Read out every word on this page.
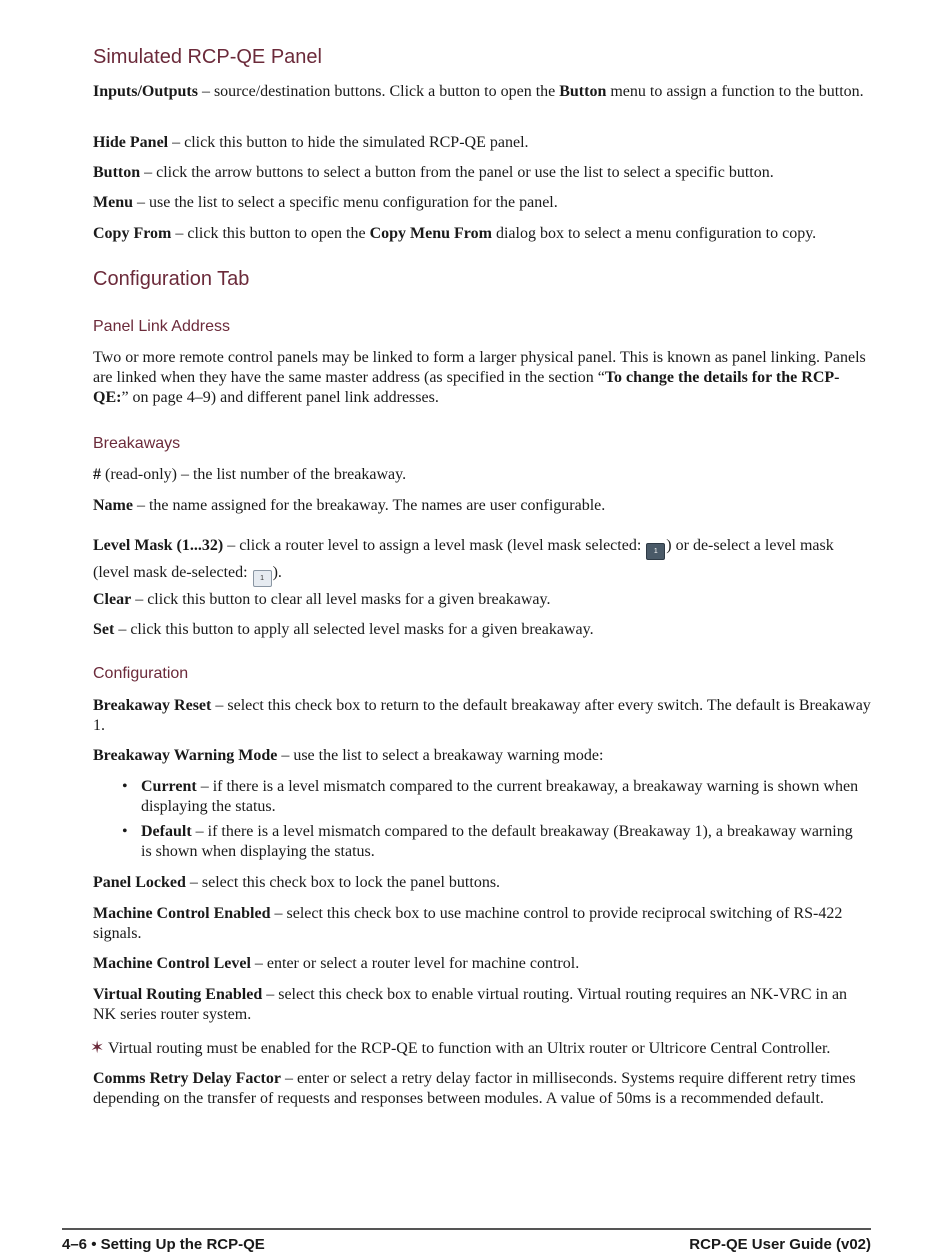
Simulated RCP-QE Panel

Inputs/Outputs – source/destination buttons. Click a button to open the Button menu to assign a function to the button.

Hide Panel – click this button to hide the simulated RCP-QE panel.

Button – click the arrow buttons to select a button from the panel or use the list to select a specific button.

Menu – use the list to select a specific menu configuration for the panel.

Copy From – click this button to open the Copy Menu From dialog box to select a menu configuration to copy.

Configuration Tab
Panel Link Address

Two or more remote control panels may be linked to form a larger physical panel. This is known as panel linking. Panels are linked when they have the same master address (as specified in the section “To change the details for the RCP-QE:” on page 4–9) and different panel link addresses.

Breakaways

# (read-only) – the list number of the breakaway.

Name – the name assigned for the breakaway. The names are user configurable.

Level Mask (1...32) – click a router level to assign a level mask (level mask selected: 1 ) or de-select a level mask (level mask de-selected: 1 ).

Clear – click this button to clear all level masks for a given breakaway.

Set – click this button to apply all selected level masks for a given breakaway.

Configuration

Breakaway Reset – select this check box to return to the default breakaway after every switch. The default is Breakaway 1.

Breakaway Warning Mode – use the list to select a breakaway warning mode:

• Current – if there is a level mismatch compared to the current breakaway, a breakaway warning is shown when displaying the status.
• Default – if there is a level mismatch compared to the default breakaway (Breakaway 1), a breakaway warning is shown when displaying the status.

Panel Locked – select this check box to lock the panel buttons.

Machine Control Enabled – select this check box to use machine control to provide reciprocal switching of RS-422 signals.

Machine Control Level – enter or select a router level for machine control.

Virtual Routing Enabled – select this check box to enable virtual routing. Virtual routing requires an NK-VRC in an NK series router system.

✶ Virtual routing must be enabled for the RCP-QE to function with an Ultrix router or Ultricore Central Controller.

Comms Retry Delay Factor – enter or select a retry delay factor in milliseconds. Systems require different retry times depending on the transfer of requests and responses between modules. A value of 50ms is a recommended default.

4–6 • Setting Up the RCP-QE	RCP-QE User Guide (v02)
